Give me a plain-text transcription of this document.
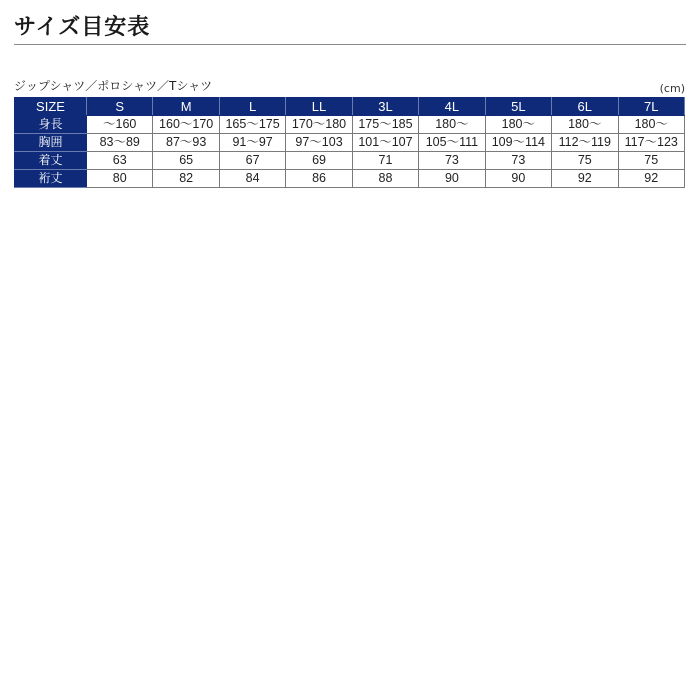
サイズ目安表
ジップシャツ／ポロシャツ／Tシャツ	(cm)
SIZE	S	M	L	LL	3L	4L	5L	6L	7L
身長	～160	160～170	165～175	170～180	175～185	180～	180～	180～	180～
胸囲	83～89	87～93	91～97	97～103	101～107	105～111	109～114	112～119	117～123
着丈	63	65	67	69	71	73	73	75	75
裄丈	80	82	84	86	88	90	90	92	92
